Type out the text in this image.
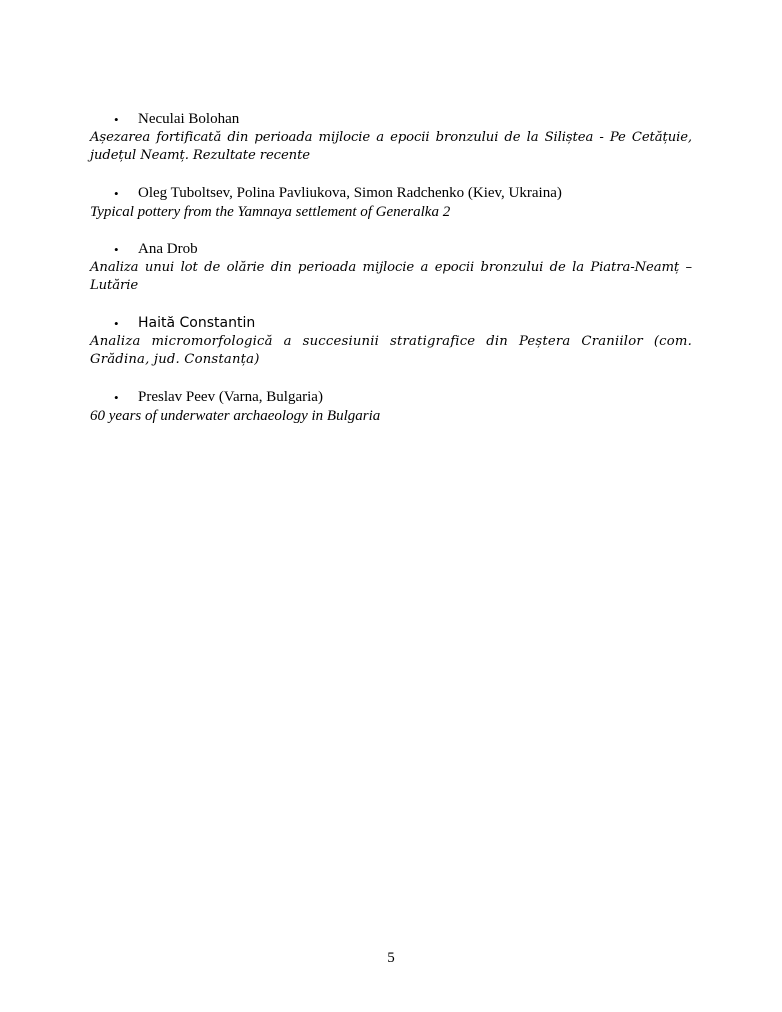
• Neculai Bolohan
Așezarea fortificată din perioada mijlocie a epocii bronzului de la Siliștea - Pe Cetățuie, județul Neamț. Rezultate recente
• Oleg Tuboltsev, Polina Pavliukova, Simon Radchenko (Kiev, Ukraina)
Typical pottery from the Yamnaya settlement of Generalka 2
• Ana Drob
Analiza unui lot de olărie din perioada mijlocie a epocii bronzului de la Piatra-Neamț – Lutărie
• Haită Constantin
Analiza micromorfologică a succesiunii stratigrafice din Peștera Craniilor (com. Grădina, jud. Constanța)
• Preslav Peev (Varna, Bulgaria)
60 years of underwater archaeology in Bulgaria
5
